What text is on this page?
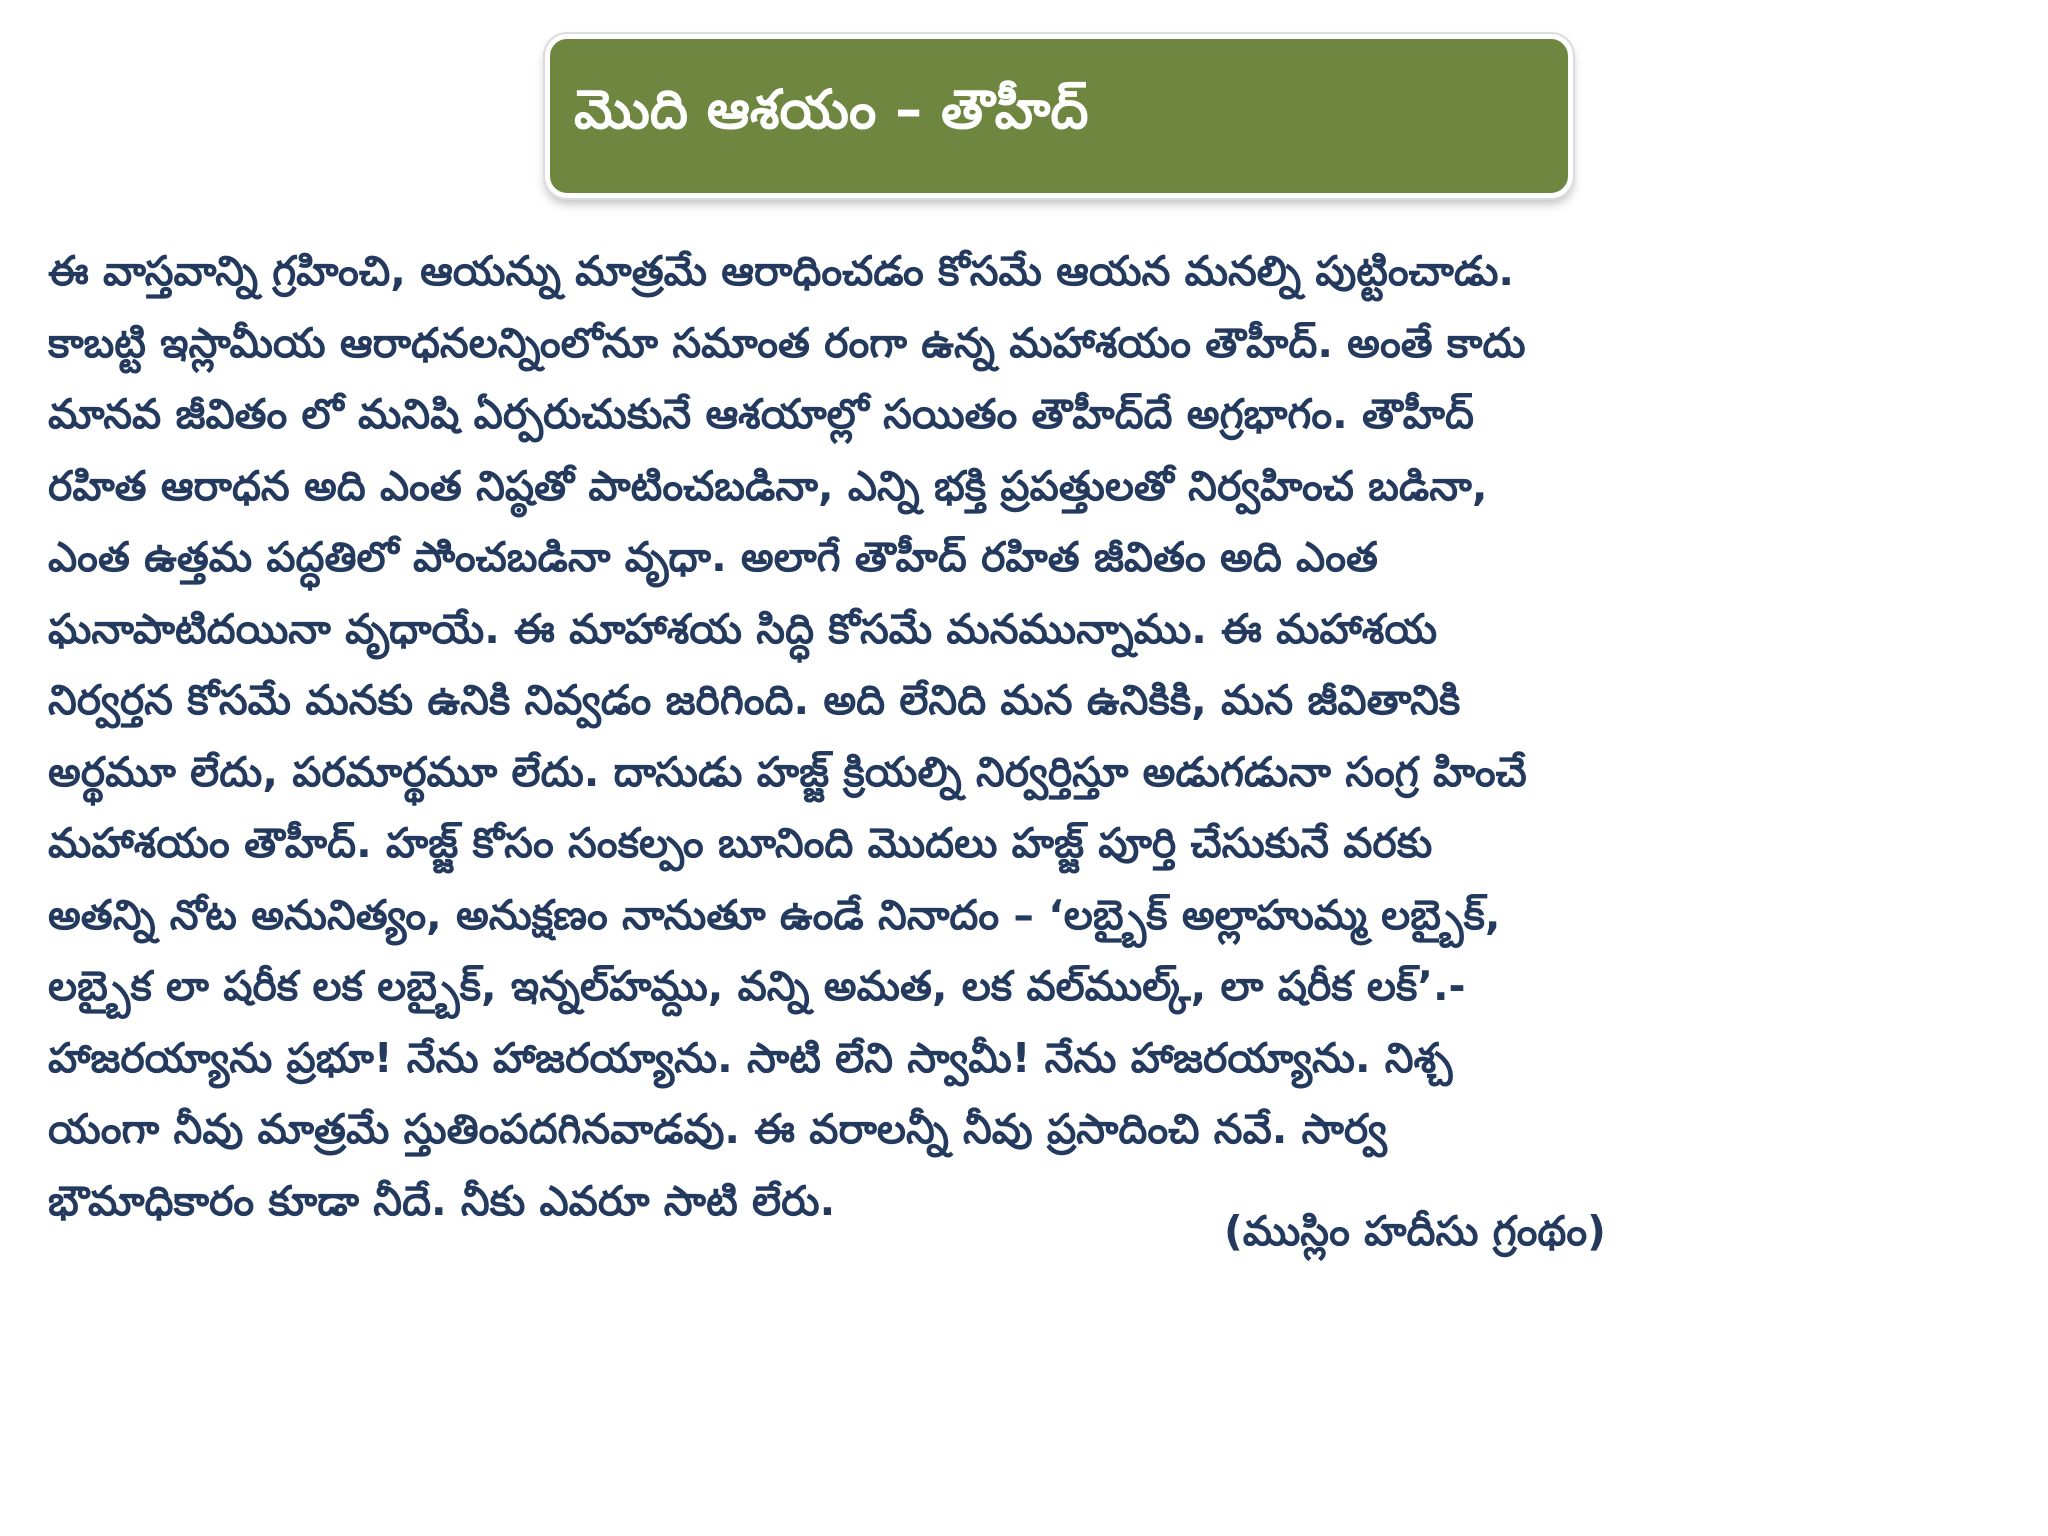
మొది ఆశయం – తౌహీద్
ఈ వాస్తవాన్ని గ్రహించి, ఆయన్ను మాత్రమే ఆరాధించడం కోసమే ఆయన మనల్ని పుట్టించాడు.
కాబట్టి ఇస్లామీయ ఆరాధనలన్నింలోనూ సమాంత రంగా ఉన్న మహాశయం తౌహీద్. అంతే కాదు
మానవ జీవితం లో మనిషి ఏర్పరుచుకునే ఆశయాల్లో సయితం తౌహీద్‌దే అగ్రభాగం. తౌహీద్
రహిత ఆరాధన అది ఎంత నిష్ఠతో పాటించబడినా, ఎన్ని భక్తి ప్రపత్తులతో నిర్వహించ బడినా,
ఎంత ఉత్తమ పద్ధతిలో పాిిించబడినా వృధా. అలాగే తౌహీద్ రహిత జీవితం అది ఎంత
ఘనాపాటిదయినా వృధాయే. ఈ మాహాశయ సిద్ధి కోసమే మనమున్నాము. ఈ మహాశయ
నిర్వర్తన కోసమే మనకు ఉనికి నివ్వడం జరిగింది. అది లేనిది మన ఉనికికి, మన జీవితానికి
అర్థమూ లేదు, పరమార్థమూ లేదు. దాసుడు హజ్జ్ క్రియల్ని నిర్వర్తిస్తూ అడుగడునా సంగ్ర హించే
మహాశయం తౌహీద్. హజ్జ్ కోసం సంకల్పం బూనింది మొదలు హజ్జ్ పూర్తి చేసుకునే వరకు
అతన్ని నోట అనునిత్యం, అనుక్షణం నానుతూ ఉండే నినాదం – ‘లబ్బైక్ అల్లాహుమ్మ లబ్బైక్,
లబ్బైక లా షరీక లక లబ్బైక్, ఇన్నల్‌హమ్దు, వన్ని అమత, లక వల్‌ముల్క్, లా షరీక లక్’.-
హాజరయ్యాను ప్రభూ! నేను హాజరయ్యాను. సాటి లేని స్వామీ! నేను హాజరయ్యాను. నిశ్చ
యంగా నీవు మాత్రమే స్తుతింపదగినవాడవు. ఈ వరాలన్నీ నీవు ప్రసాదించి నవే. సార్వ
భౌమాధికారం కూడా నీదే. నీకు ఎవరూ సాటి లేరు.
(ముస్లిం హదీసు గ్రంథం)
